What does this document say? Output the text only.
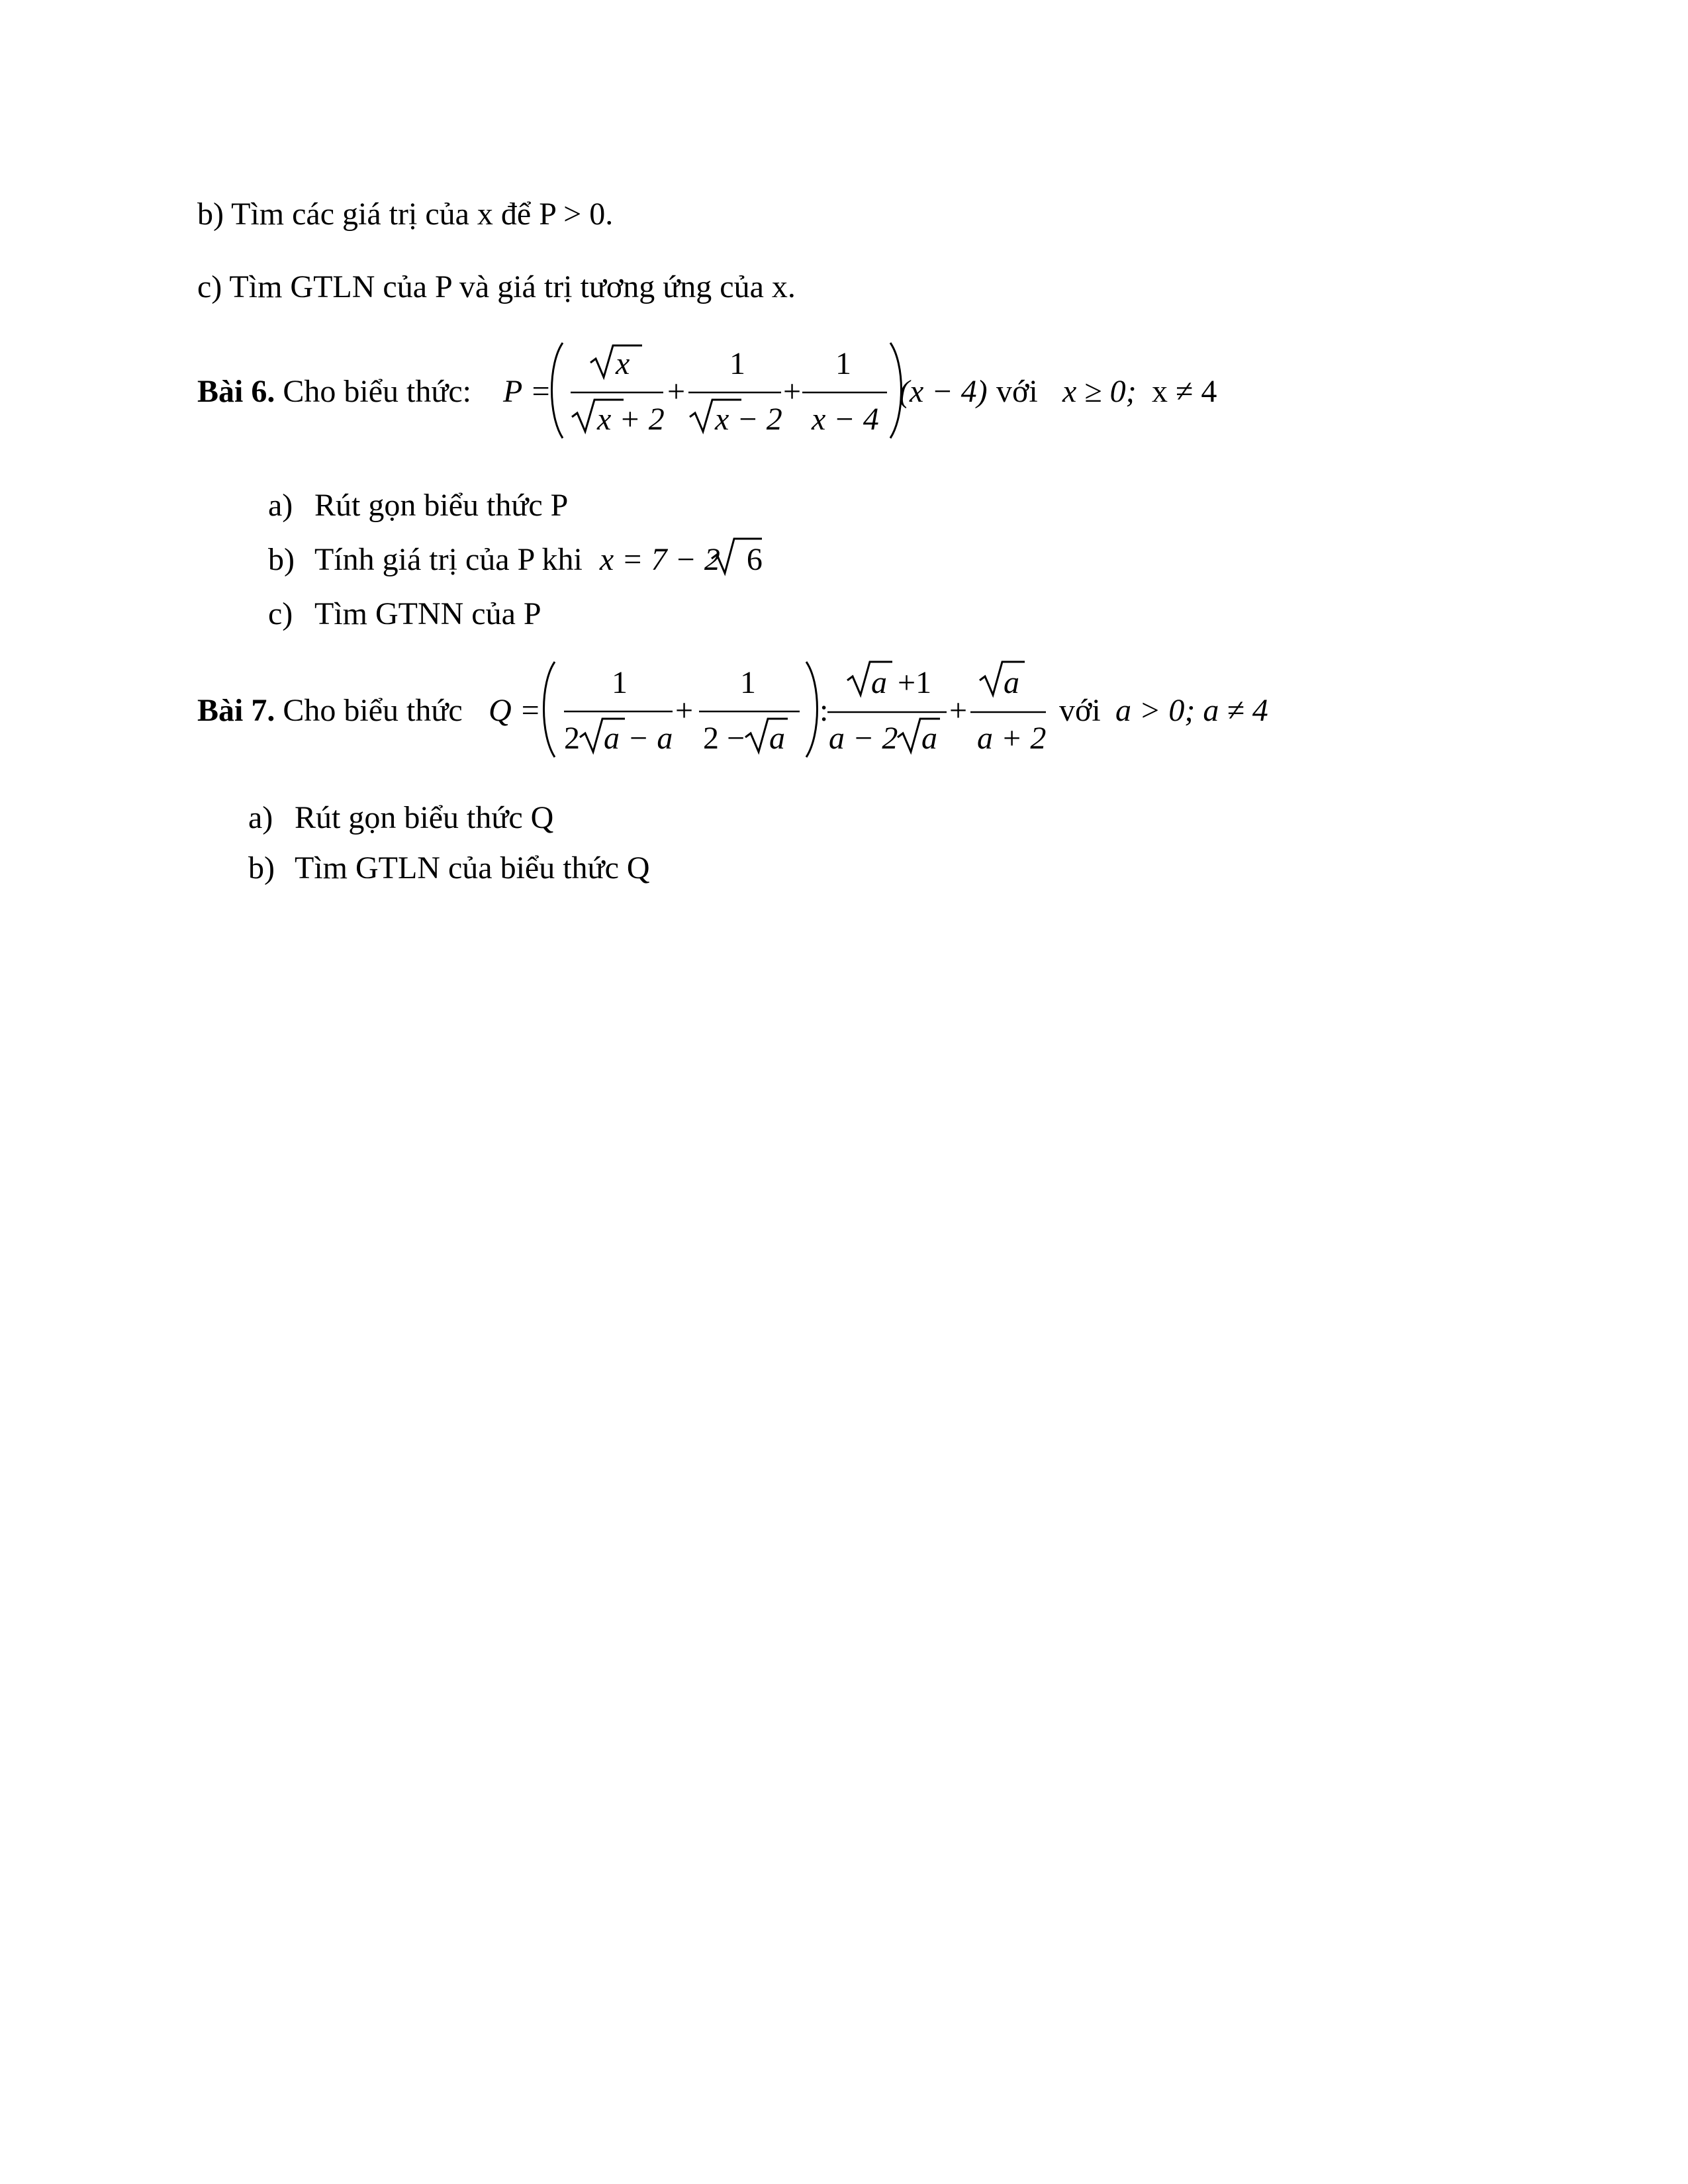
b) Tìm các giá trị của x để P > 0.
c) Tìm GTLN của P và giá trị tương ứng của x.
Bài 6. Cho biểu thức: P =
x
x + 2
+
1
x − 2
+
1
x − 4
(x − 4) với x ≥ 0; x ≠ 4
a) Rút gọn biểu thức P
b) Tính giá trị của P khi x = 7 − 2 6
c) Tìm GTNN của P
Bài 7. Cho biểu thức Q =
1
2 a − a
+
1
2 − a
:
a +1
a − 2 a
+
a
a + 2
với a > 0; a ≠ 4
a) Rút gọn biểu thức Q
b) Tìm GTLN của biểu thức Q
